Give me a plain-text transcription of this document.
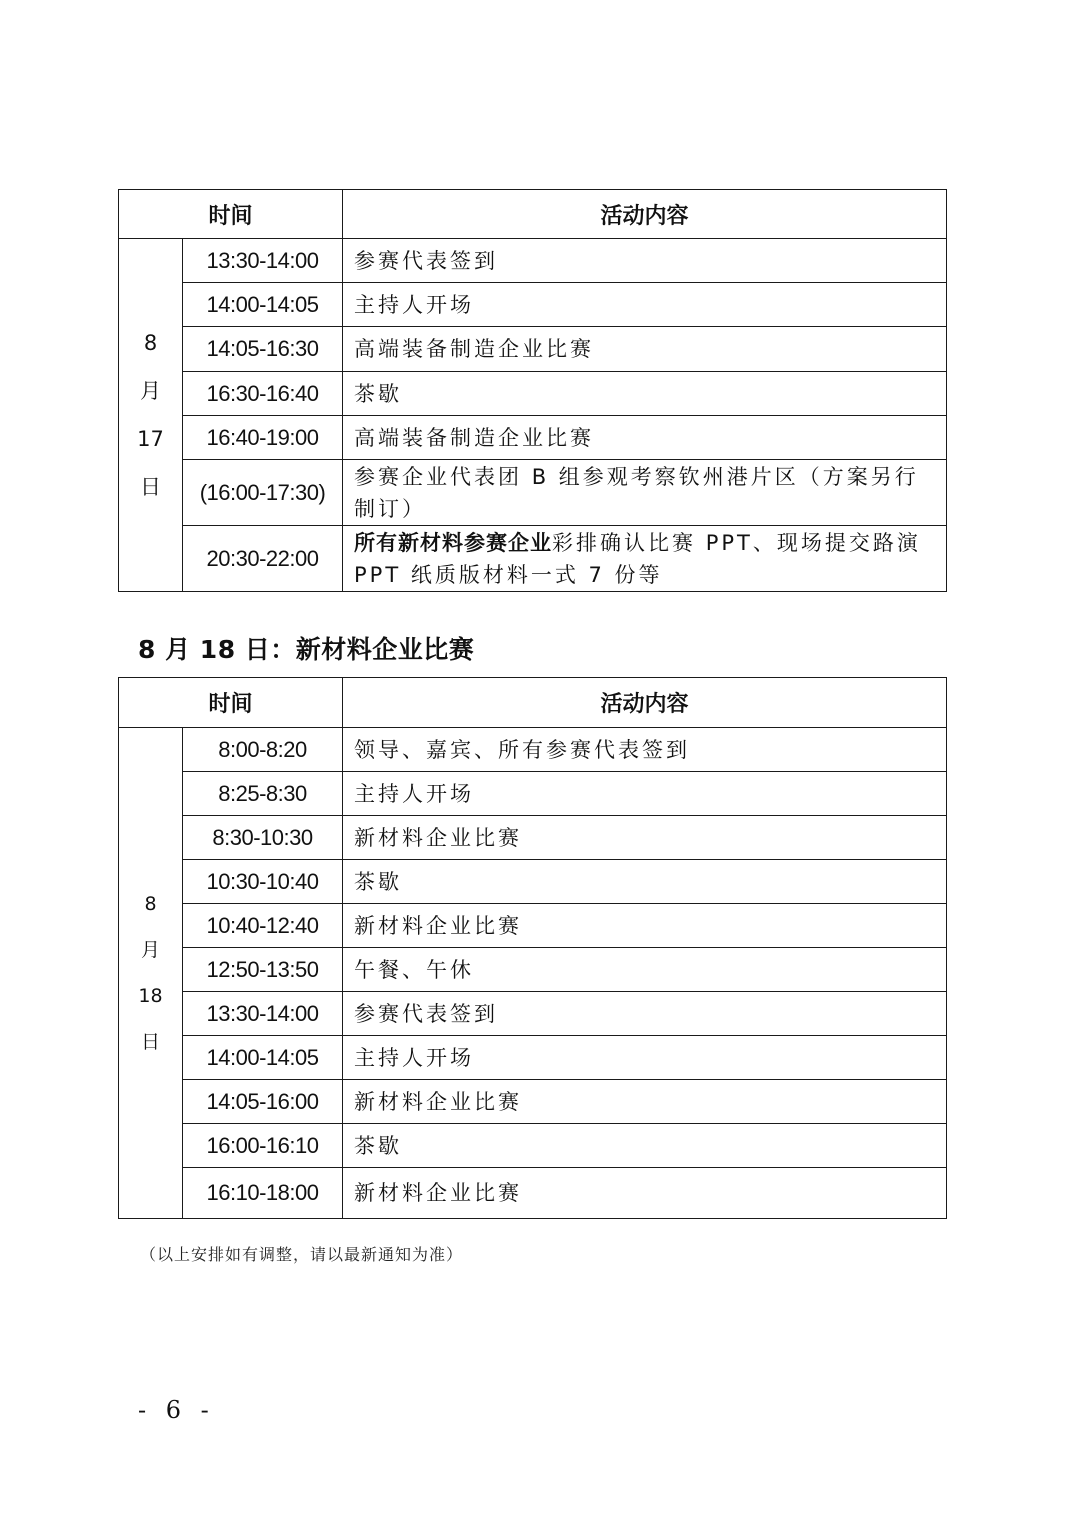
时间		活动内容

8
月
17
日	13:30-14:00	参赛代表签到
	14:00-14:05	主持人开场
	14:05-16:30	高端装备制造企业比赛
	16:30-16:40	茶歇
	16:40-19:00	高端装备制造企业比赛
	(16:00-17:30)	参赛企业代表团 B 组参观考察钦州港片区（方案另行制订）
	20:30-22:00	所有新材料参赛企业彩排确认比赛 PPT、现场提交路演 PPT 纸质版材料一式 7 份等
8 月 18 日：新材料企业比赛
时间		活动内容

8
月
18
日	8:00-8:20	领导、嘉宾、所有参赛代表签到
	8:25-8:30	主持人开场
	8:30-10:30	新材料企业比赛
	10:30-10:40	茶歇
	10:40-12:40	新材料企业比赛
	12:50-13:50	午餐、午休
	13:30-14:00	参赛代表签到
	14:00-14:05	主持人开场
	14:05-16:00	新材料企业比赛
	16:00-16:10	茶歇
	16:10-18:00	新材料企业比赛
（以上安排如有调整，请以最新通知为准）
- 6 -
